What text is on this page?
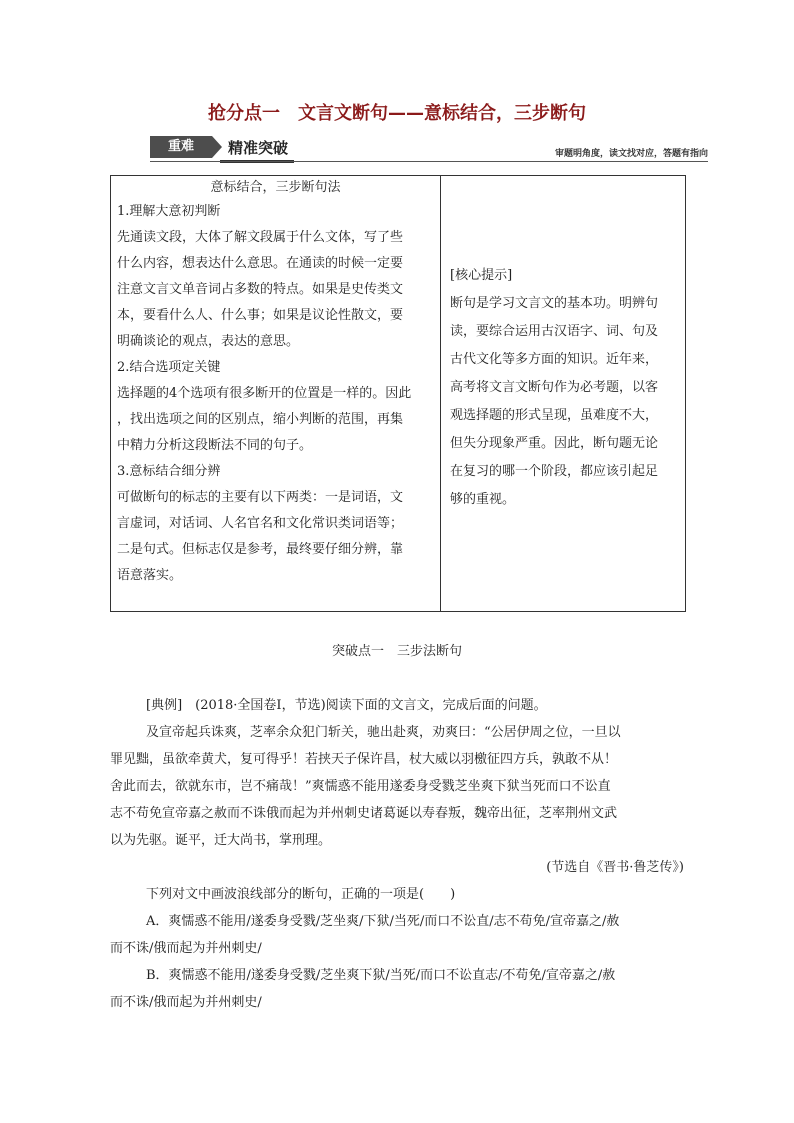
抢分点一　文言文断句——意标结合，三步断句
重难	精准突破	审题明角度，读文找对应，答题有指向
意标结合，三步断句法
1.理解大意初判断
先通读文段，大体了解文段属于什么文体，写了些
什么内容，想表达什么意思。在通读的时候一定要
注意文言文单音词占多数的特点。如果是史传类文
本，要看什么人、什么事；如果是议论性散文，要
明确谈论的观点，表达的意思。
2.结合选项定关键
选择题的4个选项有很多断开的位置是一样的。因此
，找出选项之间的区别点，缩小判断的范围，再集
中精力分析这段断法不同的句子。
3.意标结合细分辨
可做断句的标志的主要有以下两类：一是词语，文
言虚词，对话词、人名官名和文化常识类词语等；
二是句式。但标志仅是参考，最终要仔细分辨，靠
语意落实。
[核心提示]
断句是学习文言文的基本功。明辨句
读，要综合运用古汉语字、词、句及
古代文化等多方面的知识。近年来，
高考将文言文断句作为必考题，以客
观选择题的形式呈现，虽难度不大，
但失分现象严重。因此，断句题无论
在复习的哪一个阶段，都应该引起足
够的重视。
突破点一　三步法断句
[典例]　(2018·全国卷Ⅰ，节选)阅读下面的文言文，完成后面的问题。
及宣帝起兵诛爽，芝率余众犯门斩关，驰出赴爽，劝爽曰：“公居伊周之位，一旦以
罪见黜，虽欲牵黄犬，复可得乎！若挟天子保许昌，杖大威以羽檄征四方兵，孰敢不从！
舍此而去，欲就东市，岂不痛哉！”爽懦惑不能用遂委身受戮芝坐爽下狱当死而口不讼直
志不苟免宣帝嘉之赦而不诛俄而起为并州刺史诸葛诞以寿春叛，魏帝出征，芝率荆州文武
以为先驱。诞平，迁大尚书，掌刑理。
(节选自《晋书·鲁芝传》)
下列对文中画波浪线部分的断句，正确的一项是(　　)
A．爽懦惑不能用/遂委身受戮/芝坐爽/下狱/当死/而口不讼直/志不苟免/宣帝嘉之/赦
而不诛/俄而起为并州刺史/
B．爽懦惑不能用/遂委身受戮/芝坐爽下狱/当死/而口不讼直志/不苟免/宣帝嘉之/赦
而不诛/俄而起为并州刺史/
